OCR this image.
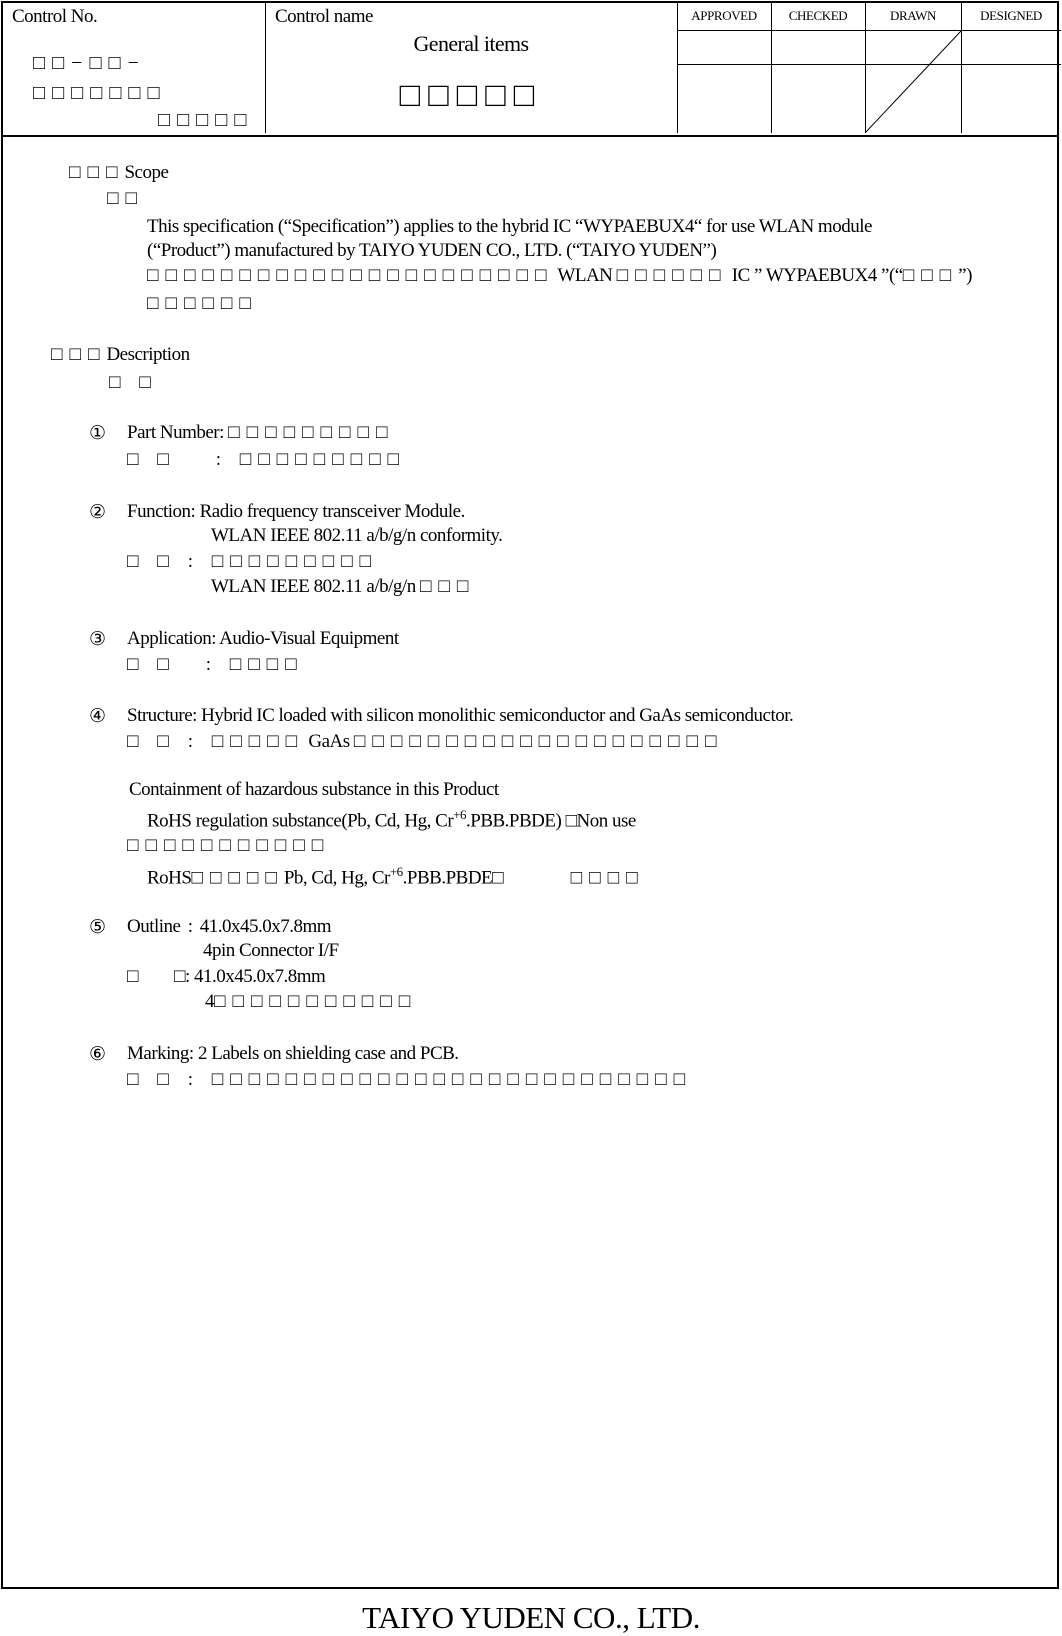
Control No.
□□−□□−
□□□□□□□
□□□□□
Control name
General items
□□□□□
APPROVED	CHECKED	DRAWN	DESIGNED
□□□Scope
□□
This specification (“Specification”) applies to the hybrid IC “WYPAEBUX4“ for use WLAN module
(“Product”) manufactured by TAIYO YUDEN CO., LTD. (“TAIYO YUDEN”)
□□□□□□□□□□□□□□□□□□□□□□ WLAN □□□□□□ IC ” WYPAEBUX4 ”(“□□□”)
□□□□□□
□□□Description
□ □
① Part Number: □□□□□□□□□
□ □ : □□□□□□□□□
② Function: Radio frequency transceiver Module.
WLAN IEEE 802.11 a/b/g/n conformity.
□ □ : □□□□□□□□□
WLAN IEEE 802.11 a/b/g/n □□□
③ Application: Audio-Visual Equipment
□ □ : □□□□
④ Structure: Hybrid IC loaded with silicon monolithic semiconductor and GaAs semiconductor.
□ □ : □□□□□ GaAs □□□□□□□□□□□□□□□□□□□□
Containment of hazardous substance in this Product
RoHS regulation substance(Pb, Cd, Hg, $Cr^{+6}.PBB.PBDE$) □Non use
□□□□□□□□□□□
RoHS□□□□□Pb, Cd, Hg, $Cr^{+6}.PBB.PBDE□$	□□□□
⑤ Outline : 41.0x45.0x7.8mm
4pin Connector I/F
□ □: 41.0x45.0x7.8mm
4□□□□□□□□□□□
⑥ Marking: 2 Labels on shielding case and PCB.
□ □ : □□□□□□□□□□□□□□□□□□□□□□□□□□
TAIYO YUDEN CO., LTD.
